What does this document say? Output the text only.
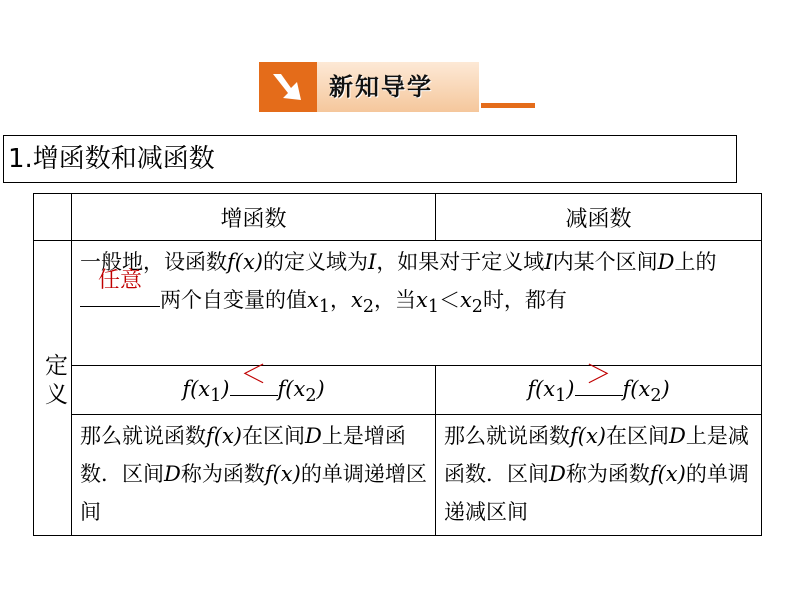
新知导学
1.增函数和减函数
	增函数	减函数
定义	一般地，设函数f(x)的定义域为I，如果对于定义域I内某个区间D上的
任意
两个自变量的值$x_1$，$x_2$，当$x_1<x_2$时，都有	
	$f(x_1) < f(x_2)$	$f(x_1) > f(x_2)$
	那么就说函数f(x)在区间D上是增函数．区间D称为函数f(x)的单调递增区间	那么就说函数f(x)在区间D上是减函数．区间D称为函数f(x)的单调递减区间
